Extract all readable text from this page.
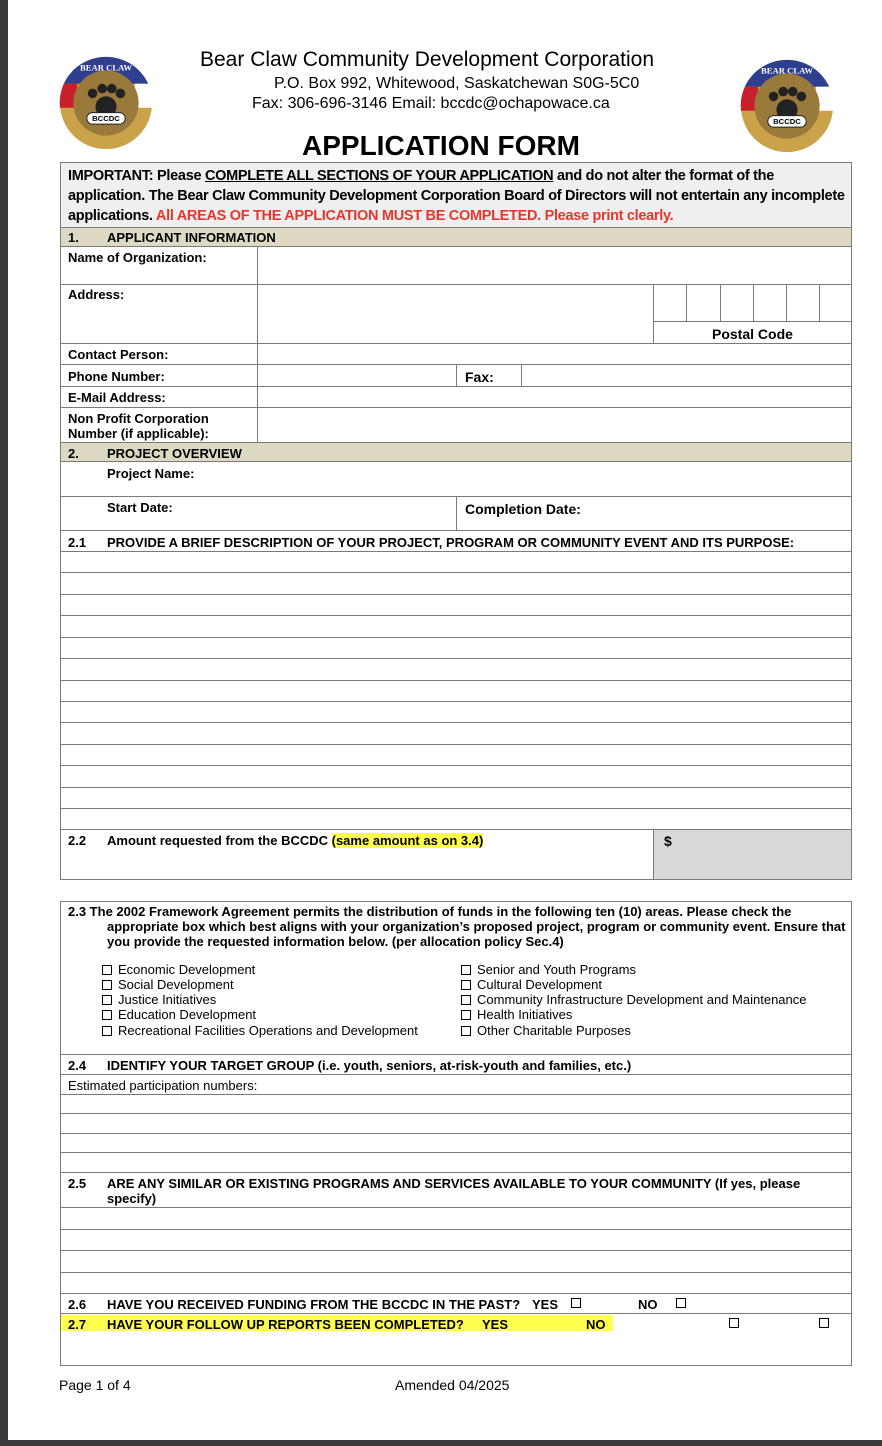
BCCDC
BEAR CLAW
BCCDC
BEAR CLAW
Bear Claw Community Development Corporation
P.O. Box 992, Whitewood, Saskatchewan S0G-5C0
Fax: 306-696-3146 Email: bccdc@ochapowace.ca
APPLICATION FORM
IMPORTANT: Please COMPLETE ALL SECTIONS OF YOUR APPLICATION and do not alter the format of the application. The Bear Claw Community Development Corporation Board of Directors will not entertain any incomplete applications. All AREAS OF THE APPLICATION MUST BE COMPLETED. Please print clearly.
1. APPLICANT INFORMATION
Name of Organization:
Address:
Postal Code
Contact Person:
Phone Number:	Fax:
E-Mail Address:
Non Profit Corporation
Number (if applicable):
2. PROJECT OVERVIEW
Project Name:
Start Date:	Completion Date:
2.1 PROVIDE A BRIEF DESCRIPTION OF YOUR PROJECT, PROGRAM OR COMMUNITY EVENT AND ITS PURPOSE:
2.2 Amount requested from the BCCDC (same amount as on 3.4)	$
2.3 The 2002 Framework Agreement permits the distribution of funds in the following ten (10) areas. Please check the
appropriate box which best aligns with your organization’s proposed project, program or community event. Ensure that
you provide the requested information below. (per allocation policy Sec.4)
Economic Development
Social Development
Justice Initiatives
Education Development
Recreational Facilities Operations and Development
Senior and Youth Programs
Cultural Development
Community Infrastructure Development and Maintenance
Health Initiatives
Other Charitable Purposes
2.4 IDENTIFY YOUR TARGET GROUP (i.e. youth, seniors, at-risk-youth and families, etc.)
Estimated participation numbers:
2.5 ARE ANY SIMILAR OR EXISTING PROGRAMS AND SERVICES AVAILABLE TO YOUR COMMUNITY (If yes, please
specify)
2.6 HAVE YOU RECEIVED FUNDING FROM THE BCCDC IN THE PAST? YES	NO
2.7 HAVE YOUR FOLLOW UP REPORTS BEEN COMPLETED? YES	NO
Page 1 of 4	Amended 04/2025
